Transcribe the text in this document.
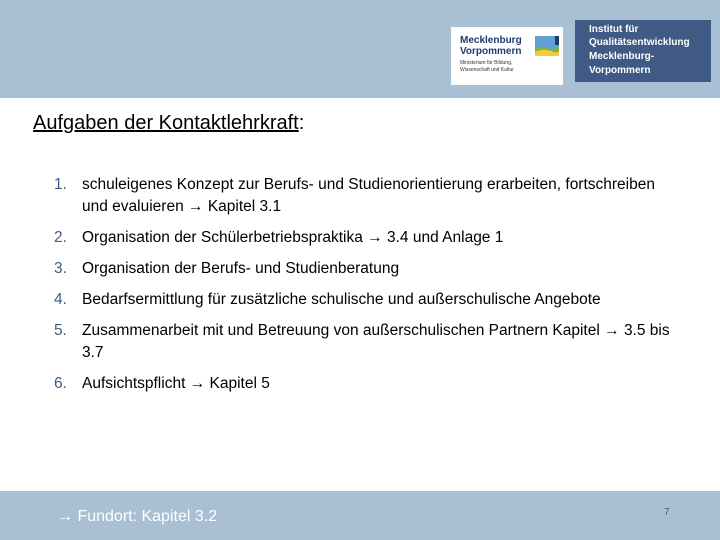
Mecklenburg
Vorpommern
Ministerium für Bildung,
Wissenschaft und Kultur
Institut für
Qualitätsentwicklung
Mecklenburg-
Vorpommern
Aufgaben der Kontaktlehrkraft:
1. schuleigenes Konzept zur Berufs- und Studienorientierung erarbeiten, fortschreiben und evaluieren → Kapitel 3.1
2. Organisation der Schülerbetriebspraktika → 3.4 und Anlage 1
3. Organisation der Berufs- und Studienberatung
4. Bedarfsermittlung für zusätzliche schulische und außerschulische Angebote
5. Zusammenarbeit mit und Betreuung von außerschulischen Partnern Kapitel → 3.5 bis 3.7
6. Aufsichtspflicht → Kapitel 5
→ Fundort: Kapitel 3.2	7
